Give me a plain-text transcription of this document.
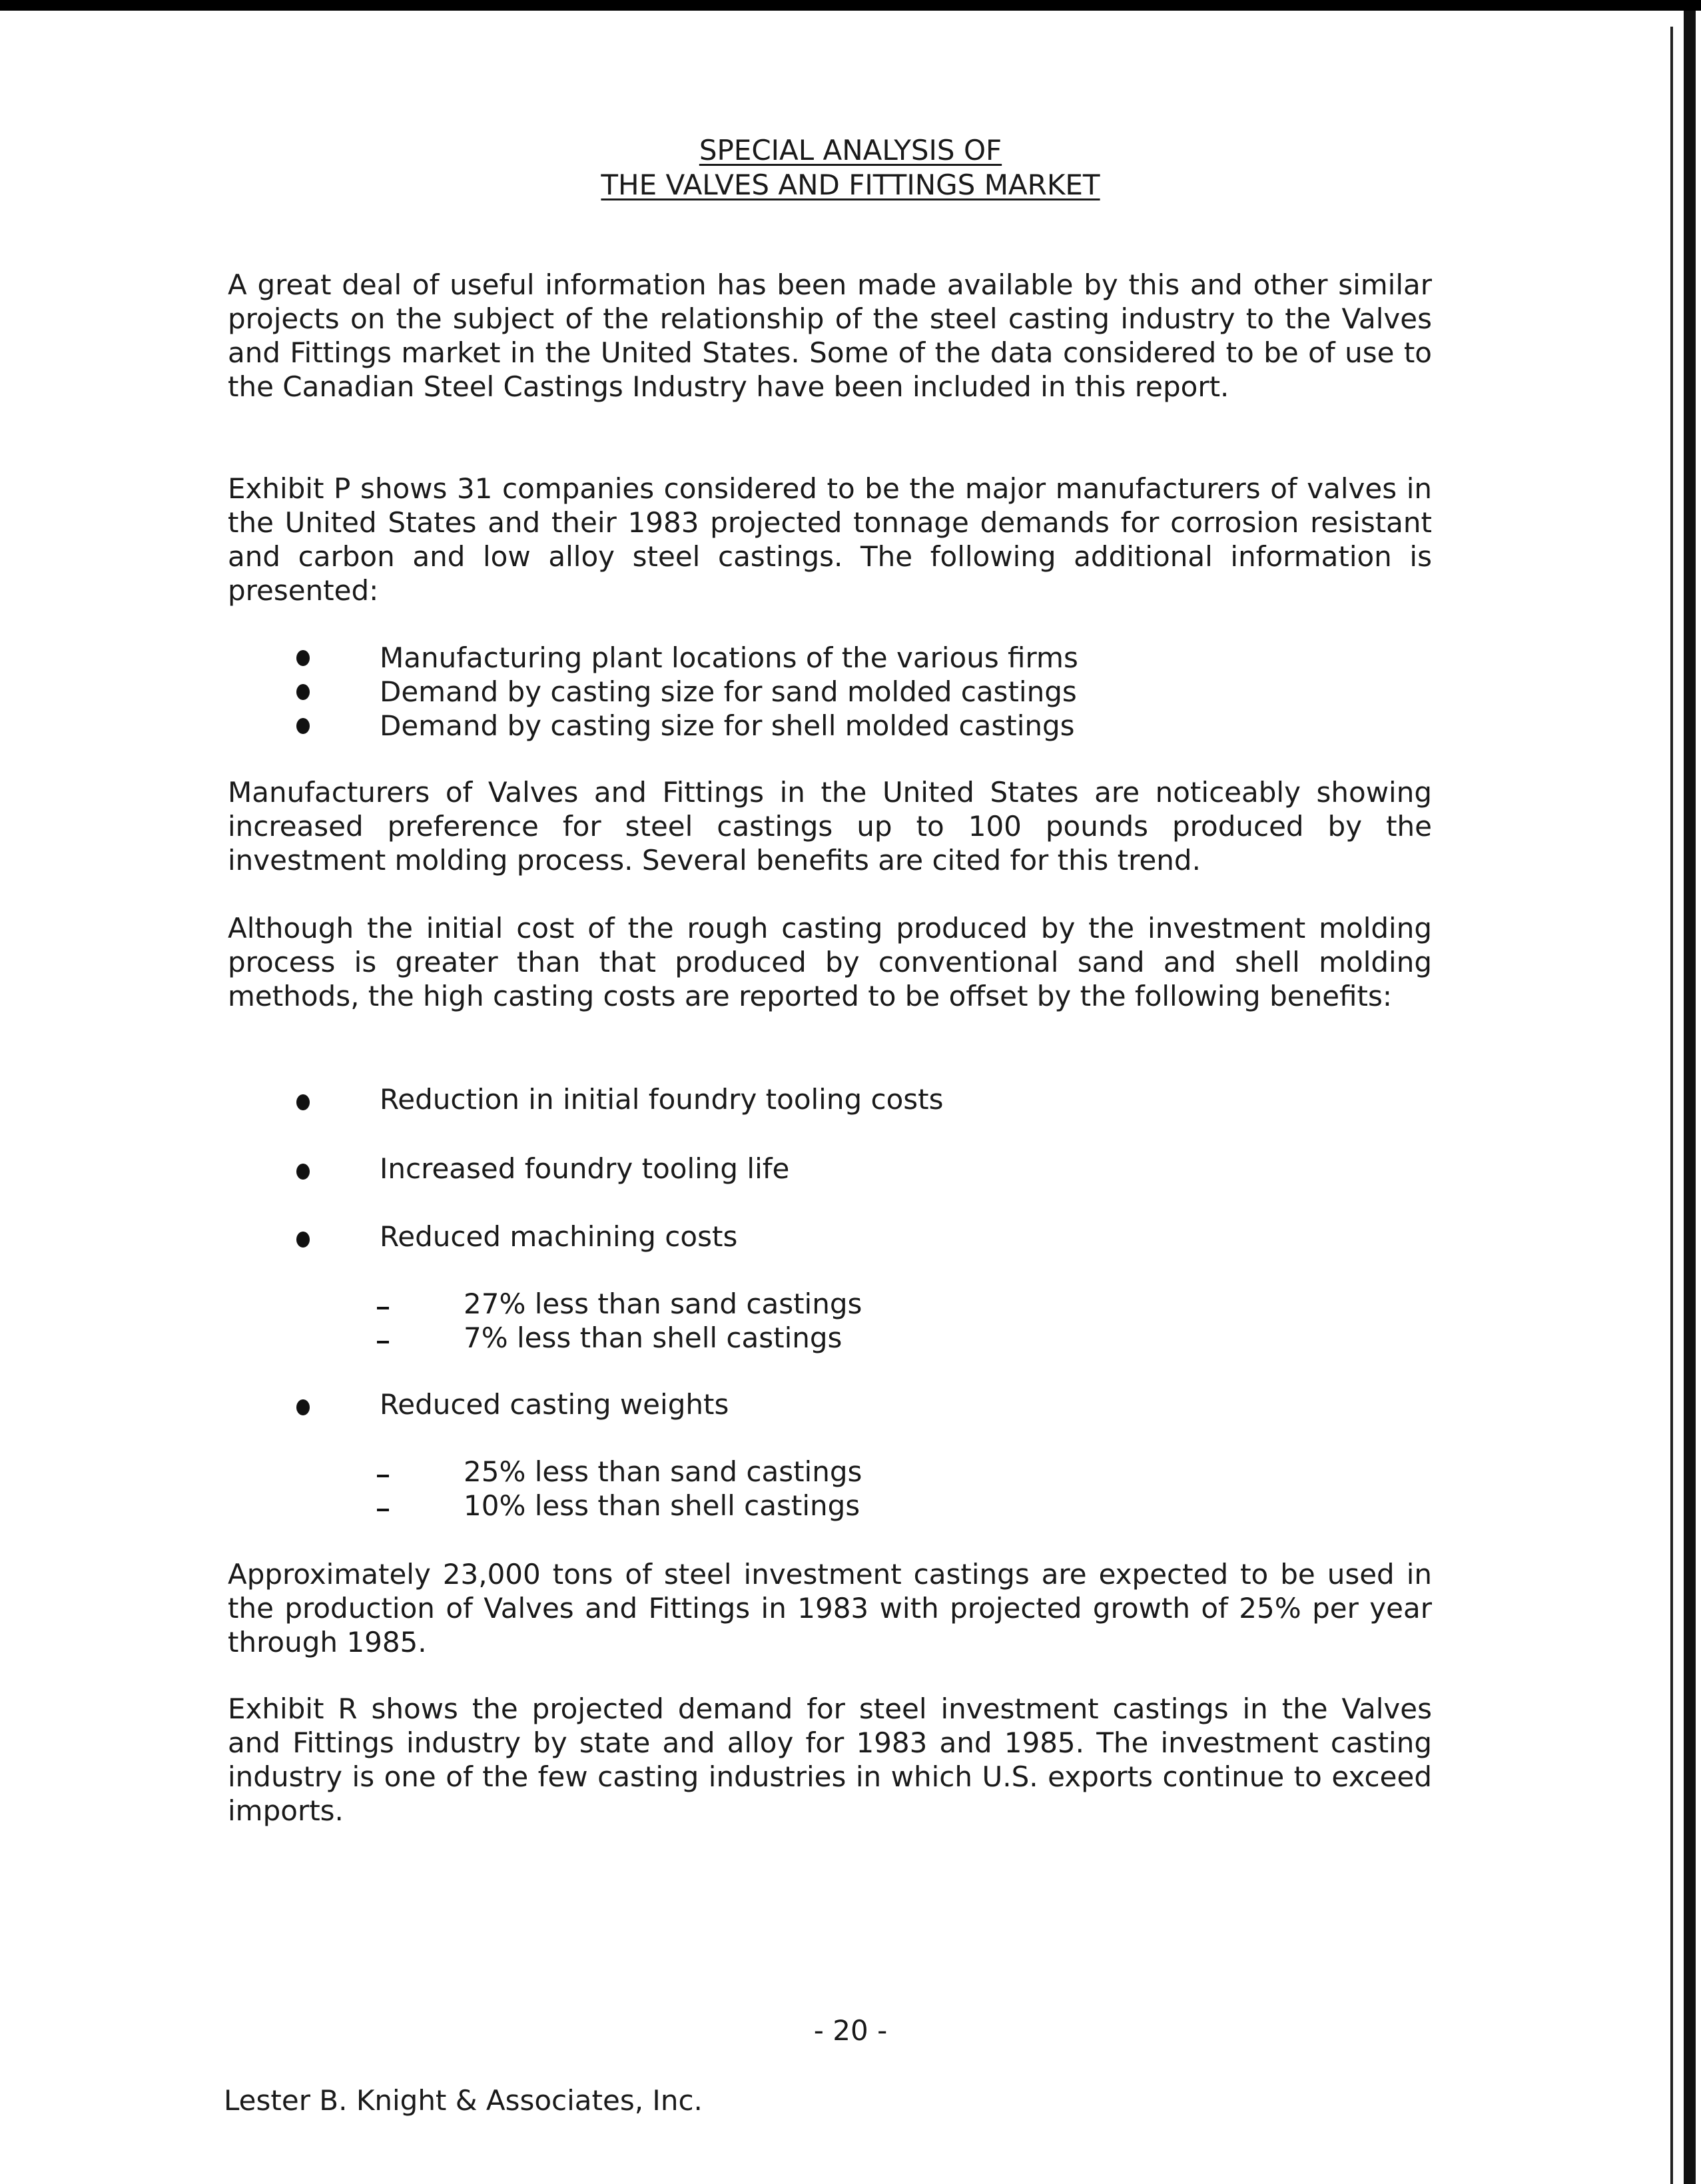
SPECIAL ANALYSIS OF
THE VALVES AND FITTINGS MARKET

A great deal of useful information has been made available by this and other similar projects on the subject of the relationship of the steel casting industry to the Valves and Fittings market in the United States. Some of the data considered to be of use to the Canadian Steel Castings Industry have been included in this report.

Exhibit P shows 31 companies considered to be the major manufacturers of valves in the United States and their 1983 projected tonnage demands for corrosion resistant and carbon and low alloy steel castings. The following additional information is presented:

Manufacturing plant locations of the various firms
Demand by casting size for sand molded castings
Demand by casting size for shell molded castings

Manufacturers of Valves and Fittings in the United States are noticeably showing increased preference for steel castings up to 100 pounds produced by the investment molding process. Several benefits are cited for this trend.

Although the initial cost of the rough casting produced by the investment molding process is greater than that produced by conventional sand and shell molding methods, the high casting costs are reported to be offset by the following benefits:

Reduction in initial foundry tooling costs
Increased foundry tooling life
Reduced machining costs
27% less than sand castings
7% less than shell castings
Reduced casting weights
25% less than sand castings
10% less than shell castings

Approximately 23,000 tons of steel investment castings are expected to be used in the production of Valves and Fittings in 1983 with projected growth of 25% per year through 1985.

Exhibit R shows the projected demand for steel investment castings in the Valves and Fittings industry by state and alloy for 1983 and 1985. The investment casting industry is one of the few casting industries in which U.S. exports continue to exceed imports.

- 20 -
Lester B. Knight & Associates, Inc.
